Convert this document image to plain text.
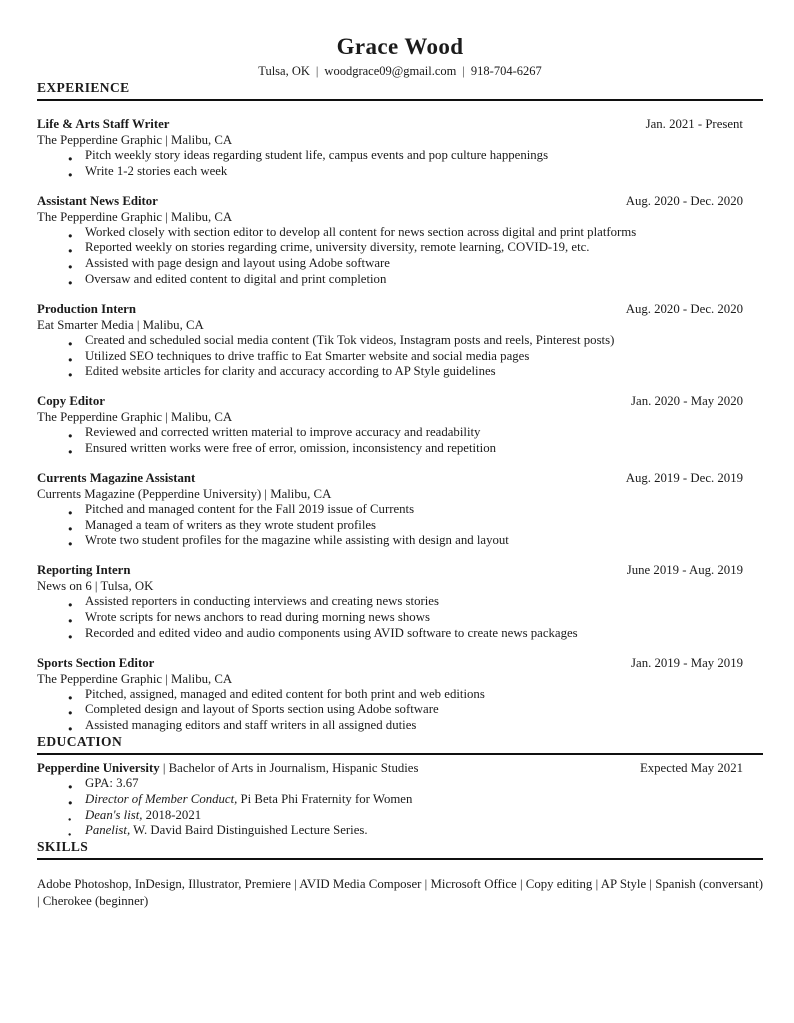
Grace Wood
Tulsa, OK | woodgrace09@gmail.com | 918-704-6267
EXPERIENCE
Life & Arts Staff Writer	Jan. 2021 - Present
The Pepperdine Graphic | Malibu, CA
● Pitch weekly story ideas regarding student life, campus events and pop culture happenings
● Write 1-2 stories each week
Assistant News Editor	Aug. 2020 - Dec. 2020
The Pepperdine Graphic | Malibu, CA
● Worked closely with section editor to develop all content for news section across digital and print platforms
● Reported weekly on stories regarding crime, university diversity, remote learning, COVID-19, etc.
● Assisted with page design and layout using Adobe software
● Oversaw and edited content to digital and print completion
Production Intern	Aug. 2020 - Dec. 2020
Eat Smarter Media | Malibu, CA
● Created and scheduled social media content (Tik Tok videos, Instagram posts and reels, Pinterest posts)
● Utilized SEO techniques to drive traffic to Eat Smarter website and social media pages
● Edited website articles for clarity and accuracy according to AP Style guidelines
Copy Editor	Jan. 2020 - May 2020
The Pepperdine Graphic | Malibu, CA
● Reviewed and corrected written material to improve accuracy and readability
● Ensured written works were free of error, omission, inconsistency and repetition
Currents Magazine Assistant	Aug. 2019 - Dec. 2019
Currents Magazine (Pepperdine University) | Malibu, CA
● Pitched and managed content for the Fall 2019 issue of Currents
● Managed a team of writers as they wrote student profiles
● Wrote two student profiles for the magazine while assisting with design and layout
Reporting Intern	June 2019 - Aug. 2019
News on 6 | Tulsa, OK
● Assisted reporters in conducting interviews and creating news stories
● Wrote scripts for news anchors to read during morning news shows
● Recorded and edited video and audio components using AVID software to create news packages
Sports Section Editor	Jan. 2019 - May 2019
The Pepperdine Graphic | Malibu, CA
● Pitched, assigned, managed and edited content for both print and web editions
● Completed design and layout of Sports section using Adobe software
● Assisted managing editors and staff writers in all assigned duties
EDUCATION
Pepperdine University | Bachelor of Arts in Journalism, Hispanic Studies	Expected May 2021
● GPA: 3.67
● Director of Member Conduct, Pi Beta Phi Fraternity for Women
● Dean's list, 2018-2021
● Panelist, W. David Baird Distinguished Lecture Series.
SKILLS

Adobe Photoshop, InDesign, Illustrator, Premiere | AVID Media Composer | Microsoft Office | Copy editing | AP Style | Spanish (conversant) | Cherokee (beginner)
